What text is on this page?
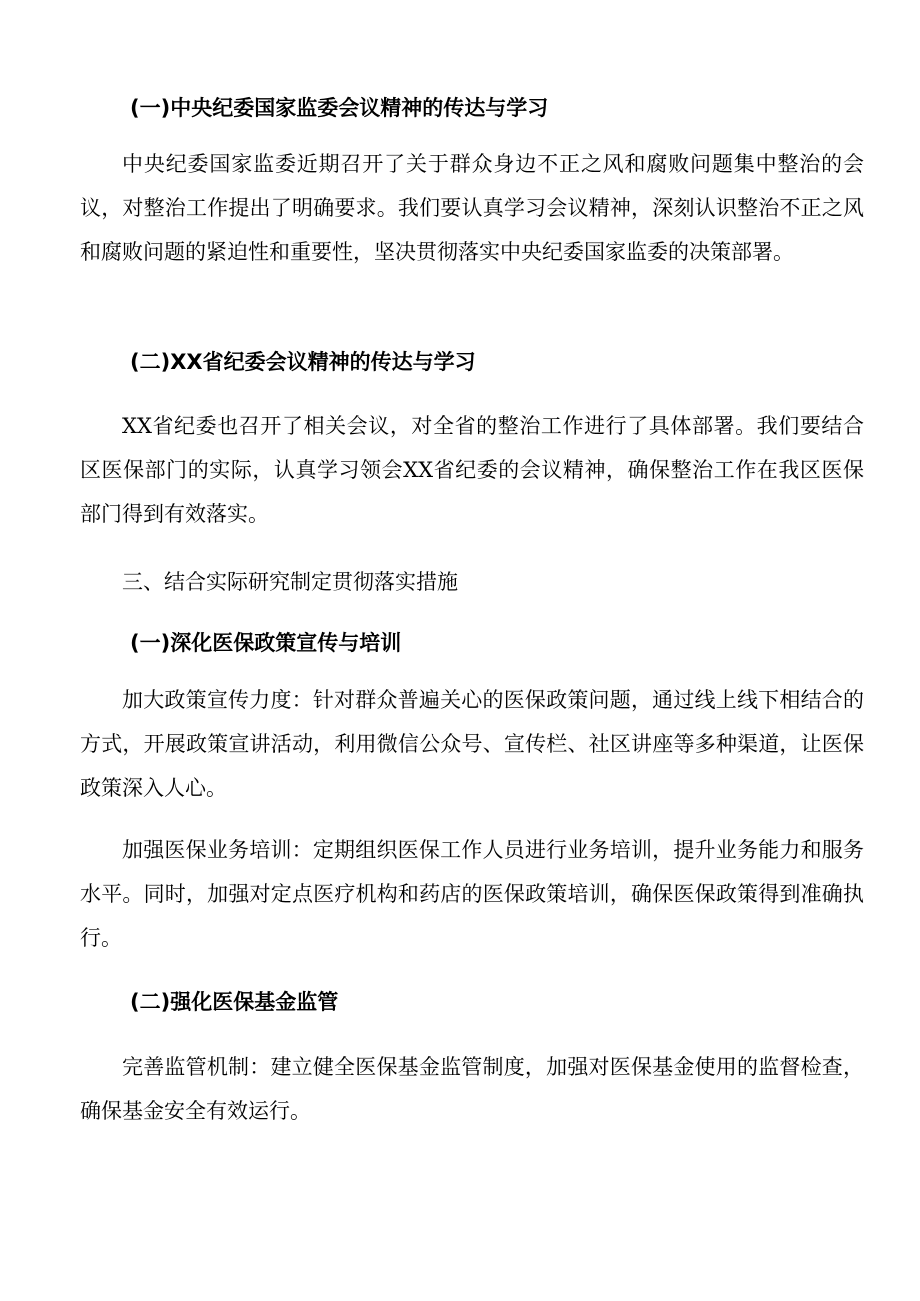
(一)中央纪委国家监委会议精神的传达与学习
中央纪委国家监委近期召开了关于群众身边不正之风和腐败问题集中整治的会议，对整治工作提出了明确要求。我们要认真学习会议精神，深刻认识整治不正之风和腐败问题的紧迫性和重要性，坚决贯彻落实中央纪委国家监委的决策部署。
(二)XX省纪委会议精神的传达与学习
XX省纪委也召开了相关会议，对全省的整治工作进行了具体部署。我们要结合区医保部门的实际，认真学习领会XX省纪委的会议精神，确保整治工作在我区医保部门得到有效落实。
三、结合实际研究制定贯彻落实措施
(一)深化医保政策宣传与培训
加大政策宣传力度：针对群众普遍关心的医保政策问题，通过线上线下相结合的方式，开展政策宣讲活动，利用微信公众号、宣传栏、社区讲座等多种渠道，让医保政策深入人心。
加强医保业务培训：定期组织医保工作人员进行业务培训，提升业务能力和服务水平。同时，加强对定点医疗机构和药店的医保政策培训，确保医保政策得到准确执行。
(二)强化医保基金监管
完善监管机制：建立健全医保基金监管制度，加强对医保基金使用的监督检查，确保基金安全有效运行。
